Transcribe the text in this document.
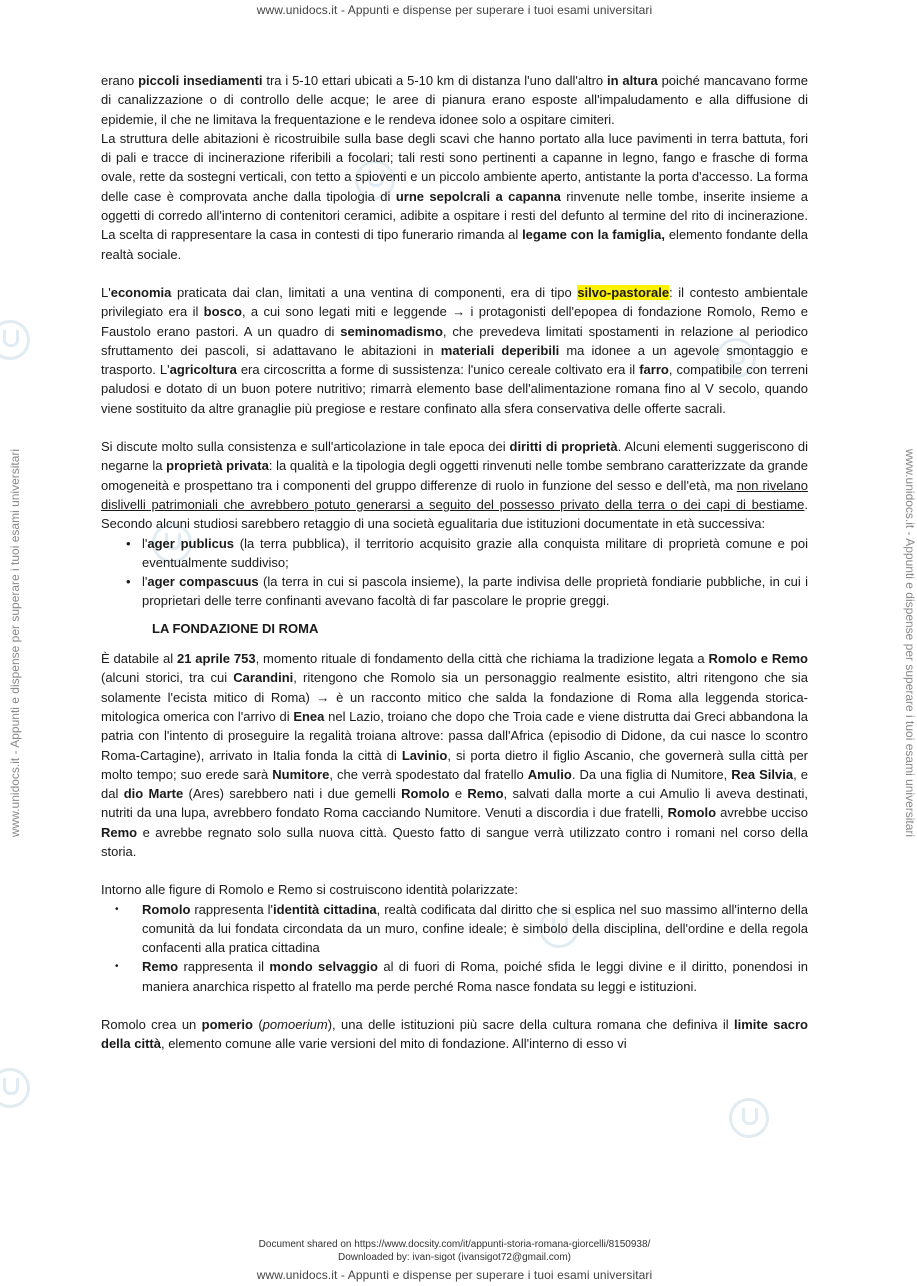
www.unidocs.it - Appunti e dispense per superare i tuoi esami universitari
www.unidocs.it - Appunti e dispense per superare i tuoi esami universitari	www.unidocs.it - Appunti e dispense per superare i tuoi esami universitari

erano piccoli insediamenti tra i 5-10 ettari ubicati a 5-10 km di distanza l'uno dall'altro in altura poiché mancavano forme di canalizzazione o di controllo delle acque; le aree di pianura erano esposte all'impaludamento e alla diffusione di epidemie, il che ne limitava la frequentazione e le rendeva idonee solo a ospitare cimiteri.

La struttura delle abitazioni è ricostruibile sulla base degli scavi che hanno portato alla luce pavimenti in terra battuta, fori di pali e tracce di incinerazione riferibili a focolari; tali resti sono pertinenti a capanne in legno, fango e frasche di forma ovale, rette da sostegni verticali, con tetto a spioventi e un piccolo ambiente aperto, antistante la porta d'accesso. La forma delle case è comprovata anche dalla tipologia di urne sepolcrali a capanna rinvenute nelle tombe, inserite insieme a oggetti di corredo all'interno di contenitori ceramici, adibite a ospitare i resti del defunto al termine del rito di incinerazione. La scelta di rappresentare la casa in contesti di tipo funerario rimanda al legame con la famiglia, elemento fondante della realtà sociale.

L'economia praticata dai clan, limitati a una ventina di componenti, era di tipo silvo-pastorale: il contesto ambientale privilegiato era il bosco, a cui sono legati miti e leggende → i protagonisti dell'epopea di fondazione Romolo, Remo e Faustolo erano pastori. A un quadro di seminomadismo, che prevedeva limitati spostamenti in relazione al periodico sfruttamento dei pascoli, si adattavano le abitazioni in materiali deperibili ma idonee a un agevole smontaggio e trasporto. L'agricoltura era circoscritta a forme di sussistenza: l'unico cereale coltivato era il farro, compatibile con terreni paludosi e dotato di un buon potere nutritivo; rimarrà elemento base dell'alimentazione romana fino al V secolo, quando viene sostituito da altre granaglie più pregiose e restare confinato alla sfera conservativa delle offerte sacrali.

Si discute molto sulla consistenza e sull'articolazione in tale epoca dei diritti di proprietà. Alcuni elementi suggeriscono di negarne la proprietà privata: la qualità e la tipologia degli oggetti rinvenuti nelle tombe sembrano caratterizzate da grande omogeneità e prospettano tra i componenti del gruppo differenze di ruolo in funzione del sesso e dell'età, ma non rivelano dislivelli patrimoniali che avrebbero potuto generarsi a seguito del possesso privato della terra o dei capi di bestiame. Secondo alcuni studiosi sarebbero retaggio di una società egualitaria due istituzioni documentate in età successiva:

• l'ager publicus (la terra pubblica), il territorio acquisito grazie alla conquista militare di proprietà comune e poi eventualmente suddiviso;
• l'ager compascuus (la terra in cui si pascola insieme), la parte indivisa delle proprietà fondiarie pubbliche, in cui i proprietari delle terre confinanti avevano facoltà di far pascolare le proprie greggi.

LA FONDAZIONE DI ROMA

È databile al 21 aprile 753, momento rituale di fondamento della città che richiama la tradizione legata a Romolo e Remo (alcuni storici, tra cui Carandini, ritengono che Romolo sia un personaggio realmente esistito, altri ritengono che sia solamente l'ecista mitico di Roma) → è un racconto mitico che salda la fondazione di Roma alla leggenda storica-mitologica omerica con l'arrivo di Enea nel Lazio, troiano che dopo che Troia cade e viene distrutta dai Greci abbandona la patria con l'intento di proseguire la regalità troiana altrove: passa dall'Africa (episodio di Didone, da cui nasce lo scontro Roma-Cartagine), arrivato in Italia fonda la città di Lavinio, si porta dietro il figlio Ascanio, che governerà sulla città per molto tempo; suo erede sarà Numitore, che verrà spodestato dal fratello Amulio. Da una figlia di Numitore, Rea Silvia, e dal dio Marte (Ares) sarebbero nati i due gemelli Romolo e Remo, salvati dalla morte a cui Amulio li aveva destinati, nutriti da una lupa, avrebbero fondato Roma cacciando Numitore. Venuti a discordia i due fratelli, Romolo avrebbe ucciso Remo e avrebbe regnato solo sulla nuova città. Questo fatto di sangue verrà utilizzato contro i romani nel corso della storia.

Intorno alle figure di Romolo e Remo si costruiscono identità polarizzate:

• Romolo rappresenta l'identità cittadina, realtà codificata dal diritto che si esplica nel suo massimo all'interno della comunità da lui fondata circondata da un muro, confine ideale; è simbolo della disciplina, dell'ordine e della regola confacenti alla pratica cittadina
• Remo rappresenta il mondo selvaggio al di fuori di Roma, poiché sfida le leggi divine e il diritto, ponendosi in maniera anarchica rispetto al fratello ma perde perché Roma nasce fondata su leggi e istituzioni.

Romolo crea un pomerio (pomoerium), una delle istituzioni più sacre della cultura romana che definiva il limite sacro della città, elemento comune alle varie versioni del mito di fondazione. All'interno di esso vi

Document shared on https://www.docsity.com/it/appunti-storia-romana-giorcelli/8150938/
Downloaded by: ivan-sigot (ivansigot72@gmail.com)
www.unidocs.it - Appunti e dispense per superare i tuoi esami universitari
